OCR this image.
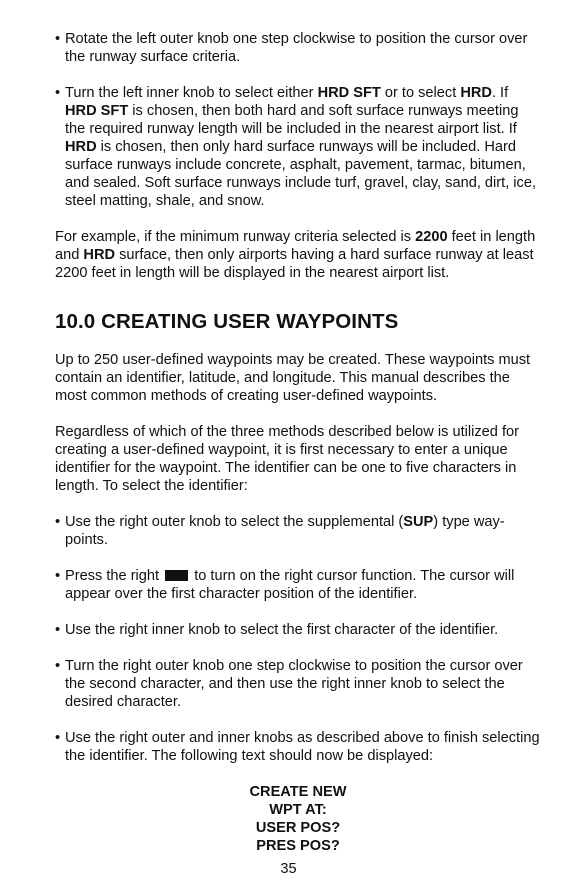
• Rotate the left outer knob one step clockwise to position the cursor over the runway surface criteria.
• Turn the left inner knob to select either HRD SFT or to select HRD. If HRD SFT is chosen, then both hard and soft surface runways meeting the required runway length will be included in the nearest airport list. If HRD is chosen, then only hard surface runways will be included. Hard surface runways include concrete, asphalt, pavement, tarmac, bitumen, and sealed. Soft surface runways include turf, gravel, clay, sand, dirt, ice, steel matting, shale, and snow.

For example, if the minimum runway criteria selected is 2200 feet in length and HRD surface, then only airports having a hard surface runway at least 2200 feet in length will be displayed in the nearest airport list.

10.0 CREATING USER WAYPOINTS

Up to 250 user-defined waypoints may be created. These waypoints must contain an identifier, latitude, and longitude. This manual describes the most common methods of creating user-defined waypoints.

Regardless of which of the three methods described below is utilized for creating a user-defined waypoint, it is first necessary to enter a unique identifier for the waypoint. The identifier can be one to five characters in length. To select the identifier:

• Use the right outer knob to select the supplemental (SUP) type way-points.
• Press the right  to turn on the right cursor function. The cursor will appear over the first character position of the identifier.
• Use the right inner knob to select the first character of the identifier.
• Turn the right outer knob one step clockwise to position the cursor over the second character, and then use the right inner knob to select the desired character.
• Use the right outer and inner knobs as described above to finish selecting the identifier. The following text should now be displayed:
CREATE NEW
WPT AT:
USER POS?
PRES POS?
35
